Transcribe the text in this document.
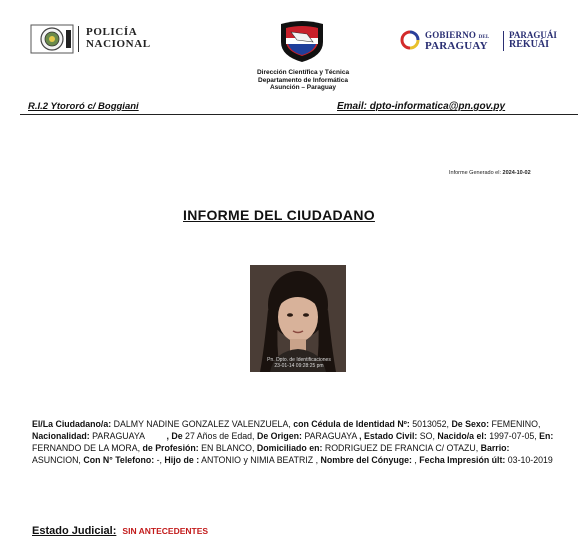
POLICÍA
NACIONAL
GOBIERNO DEL
PARAGUAY
PARAGUÁI
REKUÁI
Dirección Científica y Técnica
Departamento de Informática
Asunción – Paraguay
R.I.2 Ytororó c/ Boggiani	Email: dpto-informatica@pn.gov.py
Informe Generado el: 2024-10-02
INFORME DEL CIUDADANO
Pn. Dpto. de Identificaciones
23-01-14 09:28:25 pm
El/La Ciudadano/a: DALMY NADINE GONZALEZ VALENZUELA, con Cédula de Identidad Nº: 5013052, De Sexo: FEMENINO, Nacionalidad: PARAGUAYA	, De 27 Años de Edad, De Origen: PARAGUAYA , Estado Civil: SO, Nacido/a el: 1997-07-05, En: FERNANDO DE LA MORA, de Profesión: EN BLANCO, Domiciliado en: RODRIGUEZ DE FRANCIA C/ OTAZU, Barrio: ASUNCION, Con N° Telefono: -, Hijo de : ANTONIO y NIMIA BEATRIZ , Nombre del Cónyuge: , Fecha Impresión últ: 03-10-2019
Estado Judicial: SIN ANTECEDENTES
